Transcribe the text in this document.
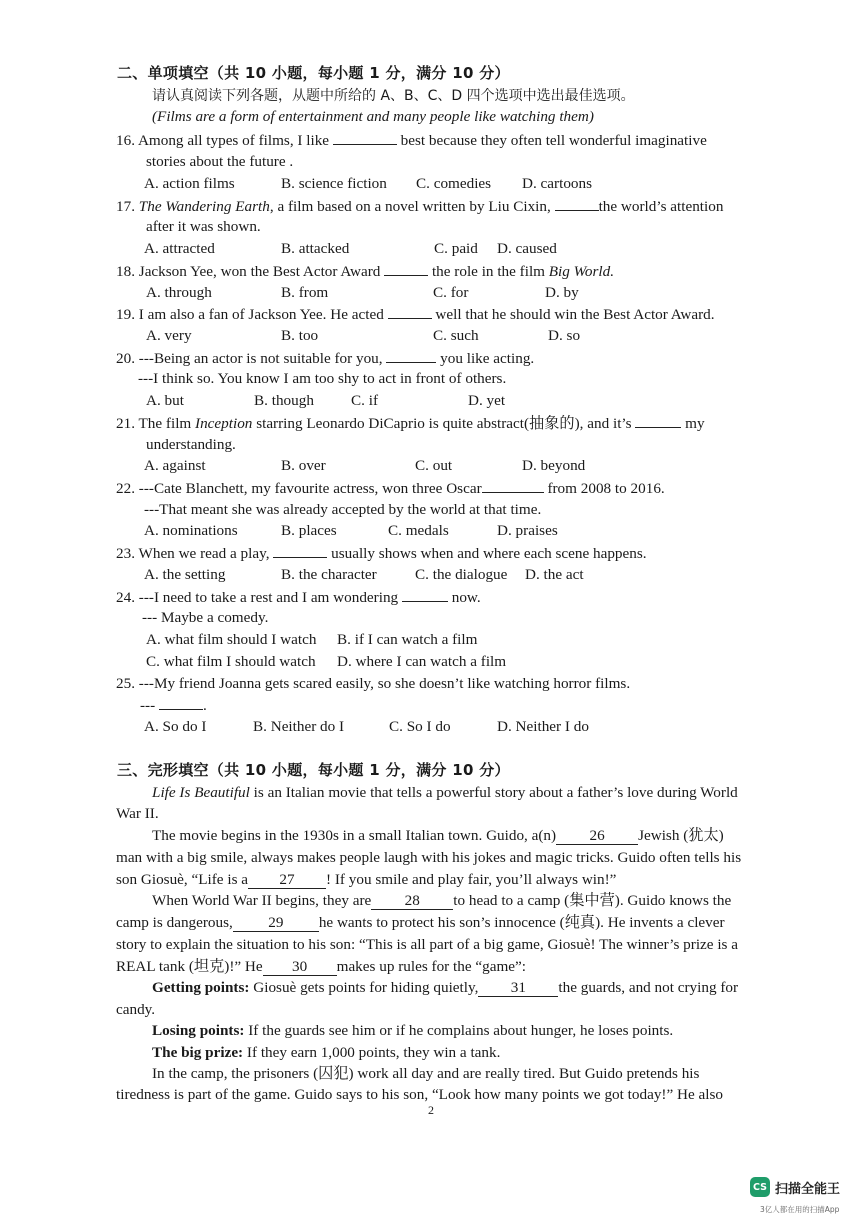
二、单项填空（共 10 小题，每小题 1 分，满分 10 分）
请认真阅读下列各题，从题中所给的 A、B、C、D 四个选项中选出最佳选项。
(Films are a form of entertainment and many people like watching them)
16. Among all types of films, I like	best because they often tell wonderful imaginative
stories about the future .
A. action films	B. science fiction C. comedies D. cartoons
17. The Wandering Earth, a film based on a novel written by Liu Cixin,	the world’s attention
after it was shown.
A. attracted	B. attacked	C. paid D. caused
18. Jackson Yee, won the Best Actor Award	the role in the film Big World.
A. through	B. from	C. for	D. by
19. I am also a fan of Jackson Yee. He acted	well that he should win the Best Actor Award.
A. very	B. too	C. such	D. so
20. ---Being an actor is not suitable for you,	you like acting.
---I think so. You know I am too shy to act in front of others.
A. but	B. though C. if	D. yet
21. The film Inception starring Leonardo DiCaprio is quite abstract(抽象的), and it’s	my
understanding.
A. against	B. over	C. out	D. beyond
22. ---Cate Blanchett, my favourite actress, won three Oscar	from 2008 to 2016.
---That meant she was already accepted by the world at that time.
A. nominations	B. places	C. medals	D. praises
23. When we read a play,	usually shows when and where each scene happens.
A. the setting	B. the character	C. the dialogue D. the act
24. ---I need to take a rest and I am wondering	now.
--- Maybe a comedy.
A. what film should I watch B. if I can watch a film
C. what film I should watch D. where I can watch a film
25. ---My friend Joanna gets scared easily, so she doesn’t like watching horror films.
---	.
A. So do I	B. Neither do I	C. So I do	D. Neither I do
三、完形填空（共 10 小题，每小题 1 分，满分 10 分）
Life Is Beautiful is an Italian movie that tells a powerful story about a father’s love during World
War II.
The movie begins in the 1930s in a small Italian town. Guido, a(n) 26 Jewish (犹太)
man with a big smile, always makes people laugh with his jokes and magic tricks. Guido often tells his
son Giosuè, “Life is a 27 ! If you smile and play fair, you’ll always win!”
When World War II begins, they are 28 to head to a camp (集中营). Guido knows the
camp is dangerous, 29 he wants to protect his son’s innocence (纯真). He invents a clever
story to explain the situation to his son: “This is all part of a big game, Giosuè! The winner’s prize is a
REAL tank (坦克)!” He 30 makes up rules for the “game”:
Getting points: Giosuè gets points for hiding quietly, 31 the guards, and not crying for
candy.
Losing points: If the guards see him or if he complains about hunger, he loses points.
The big prize: If they earn 1,000 points, they win a tank.
In the camp, the prisoners (囚犯) work all day and are really tired. But Guido pretends his
tiredness is part of the game. Guido says to his son, “Look how many points we got today!” He also
2
CS 扫描全能王
3亿人都在用的扫描App
